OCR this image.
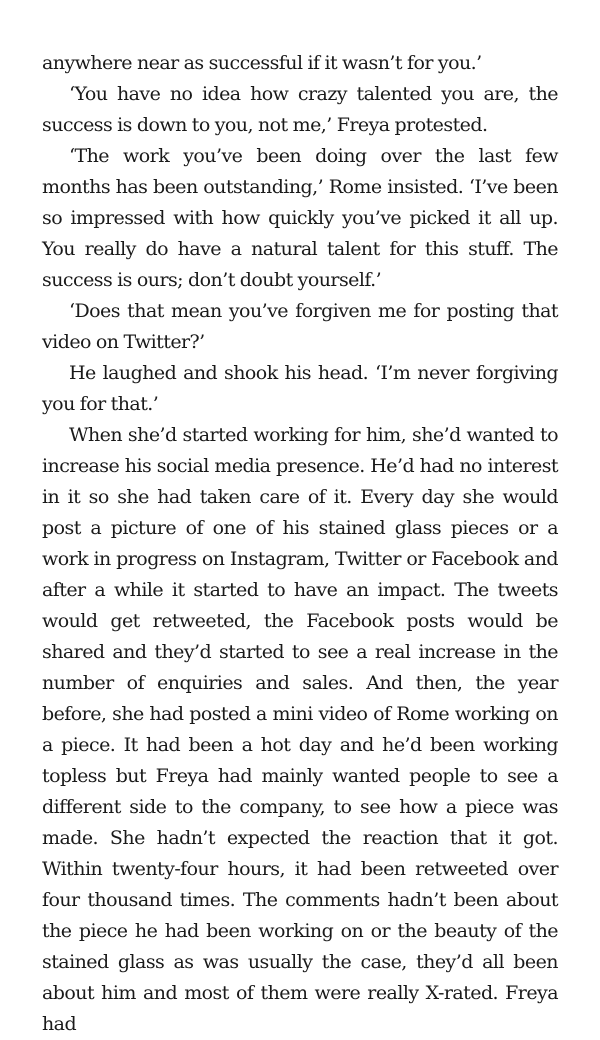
anywhere near as successful if it wasn’t for you.’

‘You have no idea how crazy talented you are, the success is down to you, not me,’ Freya protested.

‘The work you’ve been doing over the last few months has been outstanding,’ Rome insisted. ‘I’ve been so impressed with how quickly you’ve picked it all up. You really do have a natural talent for this stuff. The success is ours; don’t doubt yourself.’

‘Does that mean you’ve forgiven me for posting that video on Twitter?’

He laughed and shook his head. ‘I’m never forgiving you for that.’

When she’d started working for him, she’d wanted to increase his social media presence. He’d had no interest in it so she had taken care of it. Every day she would post a picture of one of his stained glass pieces or a work in progress on Instagram, Twitter or Facebook and after a while it started to have an impact. The tweets would get retweeted, the Facebook posts would be shared and they’d started to see a real increase in the number of enquiries and sales. And then, the year before, she had posted a mini video of Rome working on a piece. It had been a hot day and he’d been working topless but Freya had mainly wanted people to see a different side to the company, to see how a piece was made. She hadn’t expected the reaction that it got. Within twenty-four hours, it had been retweeted over four thousand times. The comments hadn’t been about the piece he had been working on or the beauty of the stained glass as was usually the case, they’d all been about him and most of them were really X-rated. Freya had
